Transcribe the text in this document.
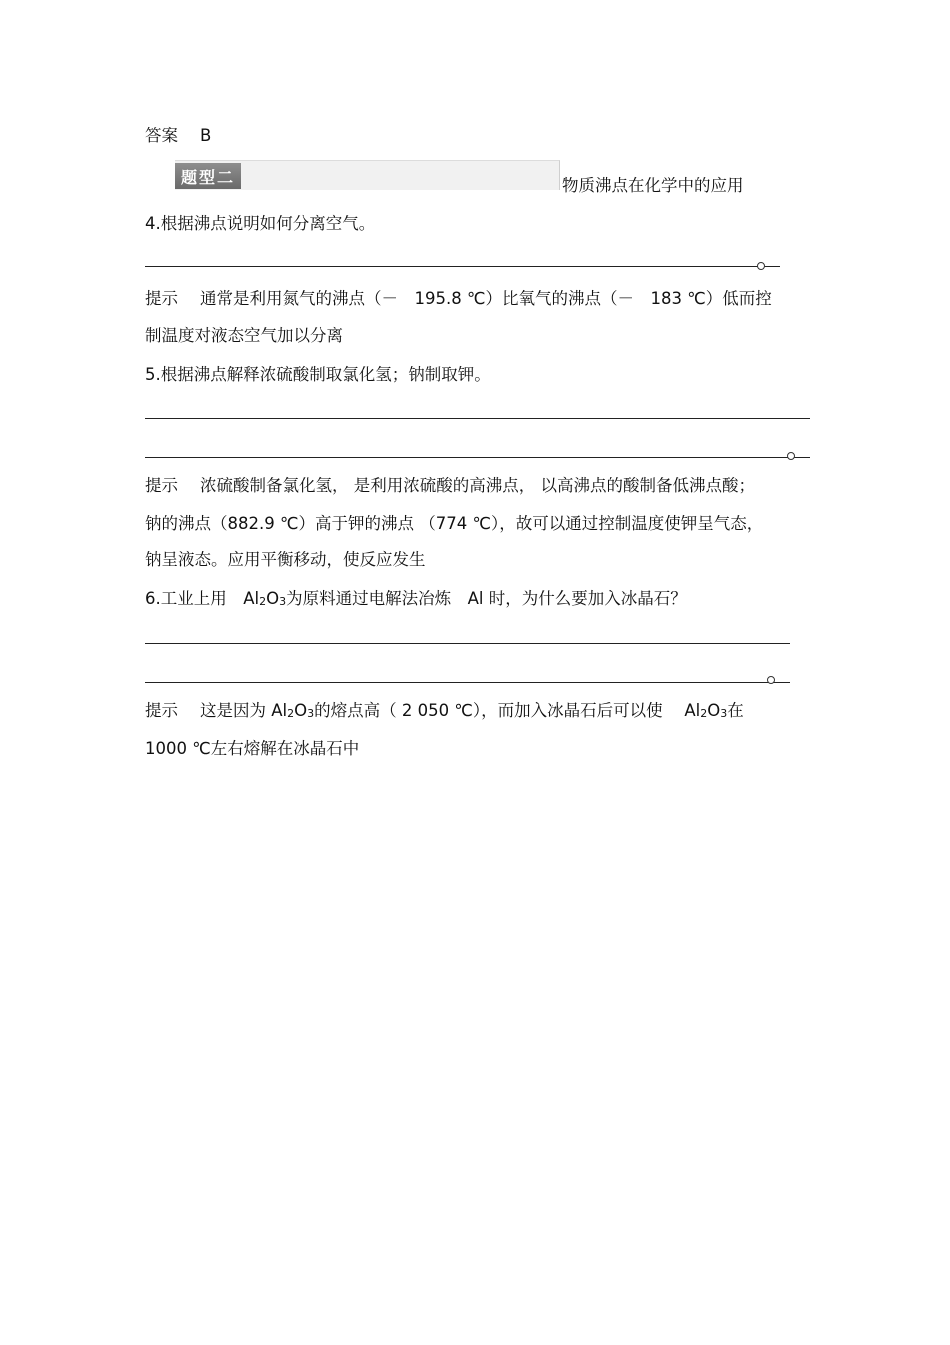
答案 B
题型二	物质沸点在化学中的应用
4.根据沸点说明如何分离空气。
提示 通常是利用氮气的沸点（－　195.8 ℃）比氧气的沸点（－　183 ℃）低而控
制温度对液态空气加以分离
5.根据沸点解释浓硫酸制取氯化氢；钠制取钾。
提示 浓硫酸制备氯化氢， 是利用浓硫酸的高沸点， 以高沸点的酸制备低沸点酸；
钠的沸点（882.9 ℃）高于钾的沸点 （774 ℃），故可以通过控制温度使钾呈气态，
钠呈液态。应用平衡移动，使反应发生
6.工业上用　$Al_2O_3$为原料通过电解法冶炼　Al 时，为什么要加入冰晶石？
提示 这是因为 $Al_2O_3$的熔点高（ 2 050 ℃），而加入冰晶石后可以使　 $Al_2O_3$在
1000 ℃左右熔解在冰晶石中
